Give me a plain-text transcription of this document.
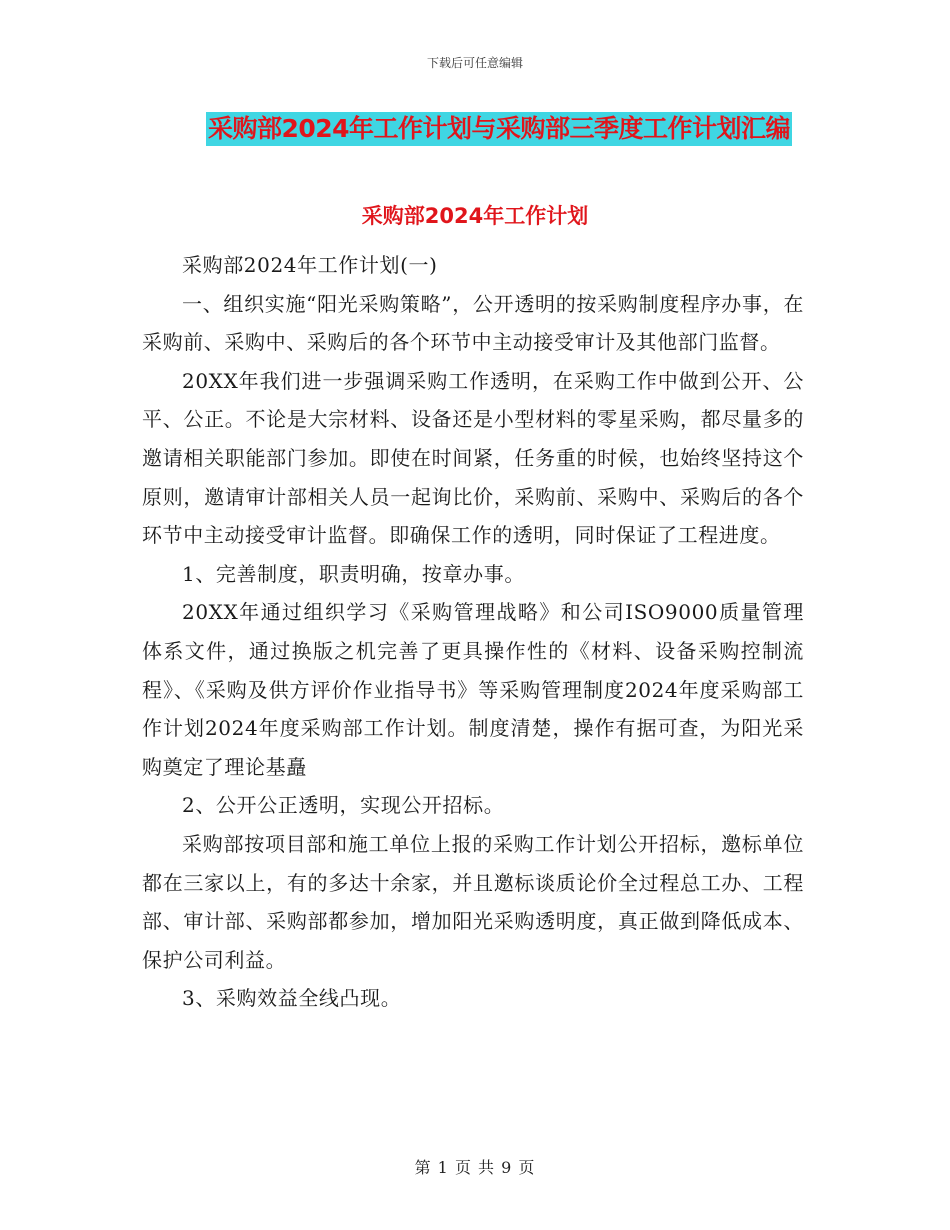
下载后可任意编辑
采购部2024年工作计划与采购部三季度工作计划汇编
采购部2024年工作计划

采购部2024年工作计划(一)

一、组织实施“阳光采购策略”，公开透明的按采购制度程序办事，在采购前、采购中、采购后的各个环节中主动接受审计及其他部门监督。

20XX年我们进一步强调采购工作透明，在采购工作中做到公开、公平、公正。不论是大宗材料、设备还是小型材料的零星采购，都尽量多的邀请相关职能部门参加。即使在时间紧，任务重的时候，也始终坚持这个原则，邀请审计部相关人员一起询比价，采购前、采购中、采购后的各个环节中主动接受审计监督。即确保工作的透明，同时保证了工程进度。

1、完善制度，职责明确，按章办事。

20XX年通过组织学习《采购管理战略》和公司ISO9000质量管理体系文件，通过换版之机完善了更具操作性的《材料、设备采购控制流程》、《采购及供方评价作业指导书》等采购管理制度2024年度采购部工作计划2024年度采购部工作计划。制度清楚，操作有据可查，为阳光采购奠定了理论基矗

2、公开公正透明，实现公开招标。

采购部按项目部和施工单位上报的采购工作计划公开招标，邀标单位都在三家以上，有的多达十余家，并且邀标谈质论价全过程总工办、工程部、审计部、采购部都参加，增加阳光采购透明度，真正做到降低成本、保护公司利益。

3、采购效益全线凸现。

第 1 页 共 9 页
